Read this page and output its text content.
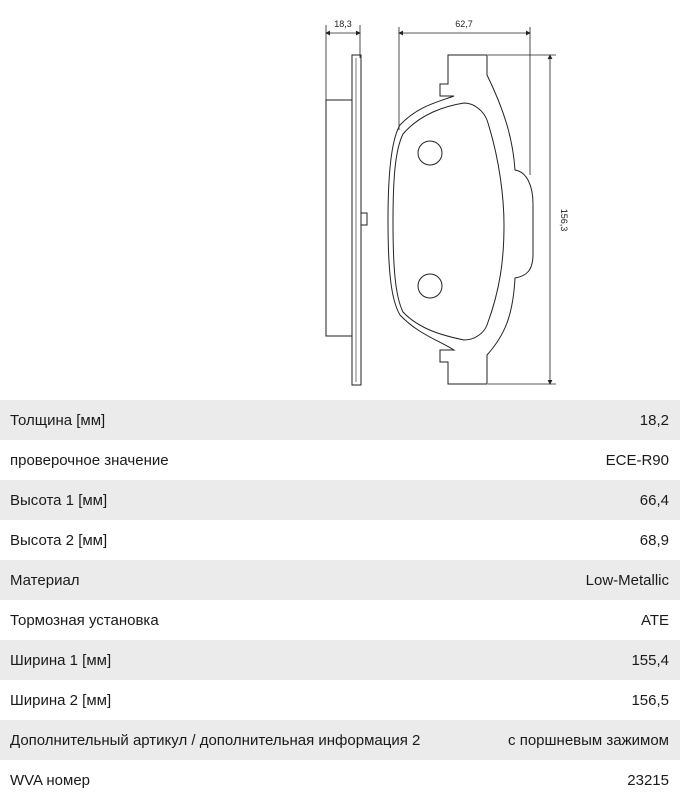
18,3	62,7
156,3
Толщина [мм]	18,2
проверочное значение	ECE-R90
Высота 1 [мм]	66,4
Высота 2 [мм]	68,9
Материал	Low-Metallic
Тормозная установка	ATE
Ширина 1 [мм]	155,4
Ширина 2 [мм]	156,5
Дополнительный артикул / дополнительная информация 2	с поршневым зажимом
WVA номер	23215
